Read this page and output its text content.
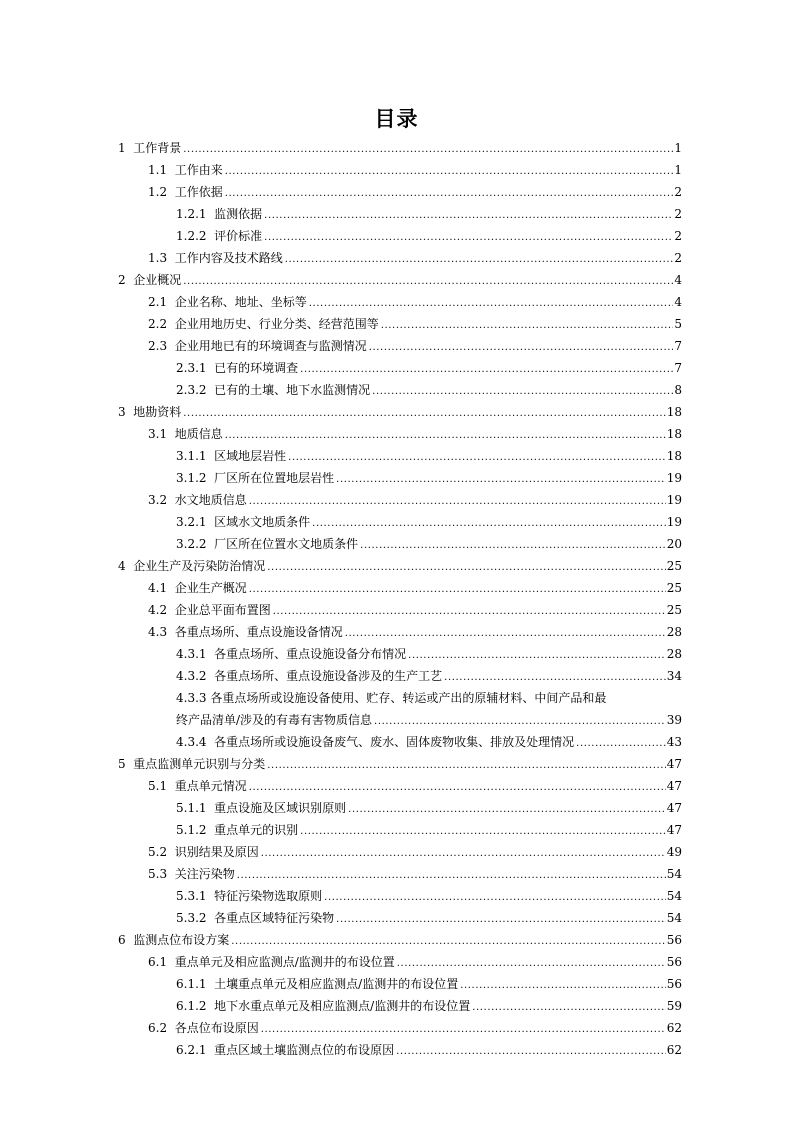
目录
1  工作背景 .....	1
1.1  工作由来 .....	1
1.2  工作依据 .....	2
1.2.1  监测依据 .....	2
1.2.2  评价标准 .....	2
1.3  工作内容及技术路线 .....	2
2  企业概况 .....	4
2.1  企业名称、地址、坐标等 .....	4
2.2  企业用地历史、行业分类、经营范围等 .....	5
2.3  企业用地已有的环境调查与监测情况 .....	7
2.3.1  已有的环境调查 .....	7
2.3.2  已有的土壤、地下水监测情况 .....	8
3  地勘资料 .....	18
3.1  地质信息 .....	18
3.1.1  区域地层岩性 .....	18
3.1.2  厂区所在位置地层岩性 .....	19
3.2  水文地质信息 .....	19
3.2.1  区域水文地质条件 .....	19
3.2.2  厂区所在位置水文地质条件 .....	20
4  企业生产及污染防治情况 .....	25
4.1  企业生产概况 .....	25
4.2  企业总平面布置图 .....	25
4.3  各重点场所、重点设施设备情况 .....	28
4.3.1  各重点场所、重点设施设备分布情况 .....	28
4.3.2  各重点场所、重点设施设备涉及的生产工艺 .....	34
4.3.3 各重点场所或设施设备使用、贮存、转运或产出的原辅材料、中间产品和最
终产品清单/涉及的有毒有害物质信息 .....	39
4.3.4  各重点场所或设施设备废气、废水、固体废物收集、排放及处理情况 .....	43
5  重点监测单元识别与分类 .....	47
5.1  重点单元情况 .....	47
5.1.1  重点设施及区域识别原则 .....	47
5.1.2  重点单元的识别 .....	47
5.2  识别结果及原因 .....	49
5.3  关注污染物 .....	54
5.3.1  特征污染物选取原则 .....	54
5.3.2  各重点区域特征污染物 .....	54
6  监测点位布设方案 .....	56
6.1  重点单元及相应监测点/监测井的布设位置 .....	56
6.1.1  土壤重点单元及相应监测点/监测井的布设位置 .....	56
6.1.2  地下水重点单元及相应监测点/监测井的布设位置 .....	59
6.2  各点位布设原因 .....	62
6.2.1  重点区域土壤监测点位的布设原因 .....	62
